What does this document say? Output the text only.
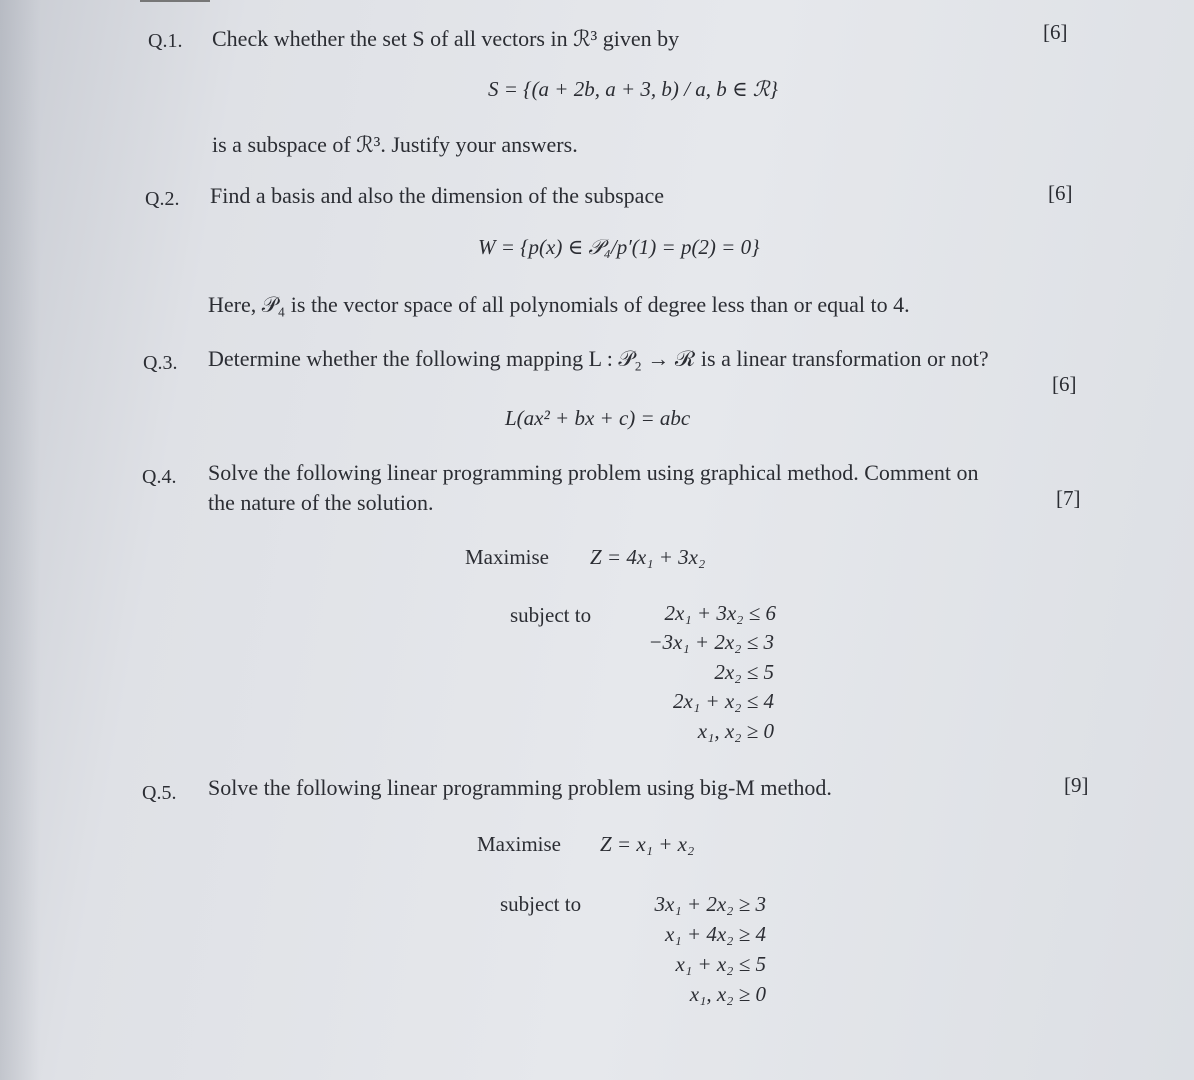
Q.1. Check whether the set S of all vectors in ℛ³ given by	[6]
S = {(a + 2b, a + 3, b) / a, b ∈ ℛ}
is a subspace of ℛ³. Justify your answers.
Q.2. Find a basis and also the dimension of the subspace	[6]
W = {p(x) ∈ 𝒫₄/p′(1) = p(2) = 0}
Here, 𝒫₄ is the vector space of all polynomials of degree less than or equal to 4.
Q.3. Determine whether the following mapping L : 𝒫₂ → ℛ is a linear transformation or not?
[6]
L(ax² + bx + c) = abc
Q.4. Solve the following linear programming problem using graphical method. Comment on
the nature of the solution.	[7]
Maximise Z = 4x₁ + 3x₂
subject to	2x₁ + 3x₂ ≤ 6
−3x₁ + 2x₂ ≤ 3
2x₂ ≤ 5
2x₁ + x₂ ≤ 4
x₁, x₂ ≥ 0
Q.5. Solve the following linear programming problem using big-M method.	[9]
Maximise Z = x₁ + x₂
subject to	3x₁ + 2x₂ ≥ 3
x₁ + 4x₂ ≥ 4
x₁ + x₂ ≤ 5
x₁, x₂ ≥ 0
